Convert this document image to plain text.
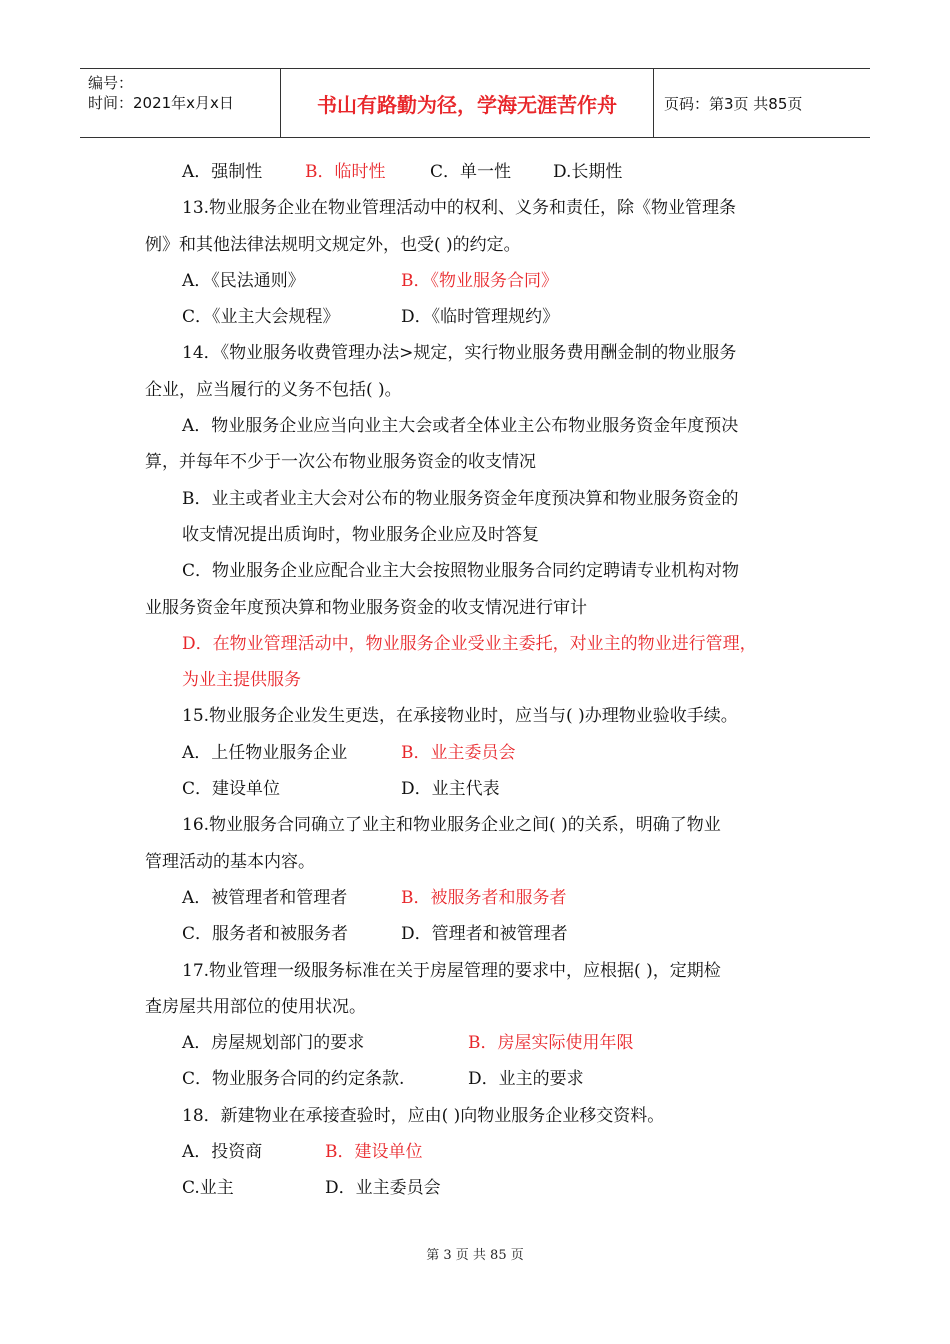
编号：
时间：2021年x月x日	书山有路勤为径，学海无涯苦作舟	页码：第3页 共85页
A．强制性	B．临时性	C．单一性 D.长期性
13.物业服务企业在物业管理活动中的权利、义务和责任，除《物业管理条
例》和其他法律法规明文规定外，也受( )的约定。
A．《民法通则》	B．《物业服务合同》
C．《业主大会规程》	D．《临时管理规约》
14．《物业服务收费管理办法>规定，实行物业服务费用酬金制的物业服务
企业，应当履行的义务不包括( )。
A．物业服务企业应当向业主大会或者全体业主公布物业服务资金年度预决
算，并每年不少于一次公布物业服务资金的收支情况
B．业主或者业主大会对公布的物业服务资金年度预决算和物业服务资金的
收支情况提出质询时，物业服务企业应及时答复
C．物业服务企业应配合业主大会按照物业服务合同约定聘请专业机构对物
业服务资金年度预决算和物业服务资金的收支情况进行审计
D．在物业管理活动中，物业服务企业受业主委托，对业主的物业进行管理，
为业主提供服务
15.物业服务企业发生更迭，在承接物业时，应当与( )办理物业验收手续。
A．上任物业服务企业	B．业主委员会
C．建设单位	D．业主代表
16.物业服务合同确立了业主和物业服务企业之间( )的关系，明确了物业
管理活动的基本内容。
A．被管理者和管理者	B．被服务者和服务者
C．服务者和被服务者	D．管理者和被管理者
17.物业管理一级服务标准在关于房屋管理的要求中，应根据( )，定期检
查房屋共用部位的使用状况。
A．房屋规划部门的要求	B．房屋实际使用年限
C．物业服务合同的约定条款.	D．业主的要求
18．新建物业在承接查验时，应由( )向物业服务企业移交资料。
A．投资商	B．建设单位
C.业主	D．业主委员会
第 3 页 共 85 页
